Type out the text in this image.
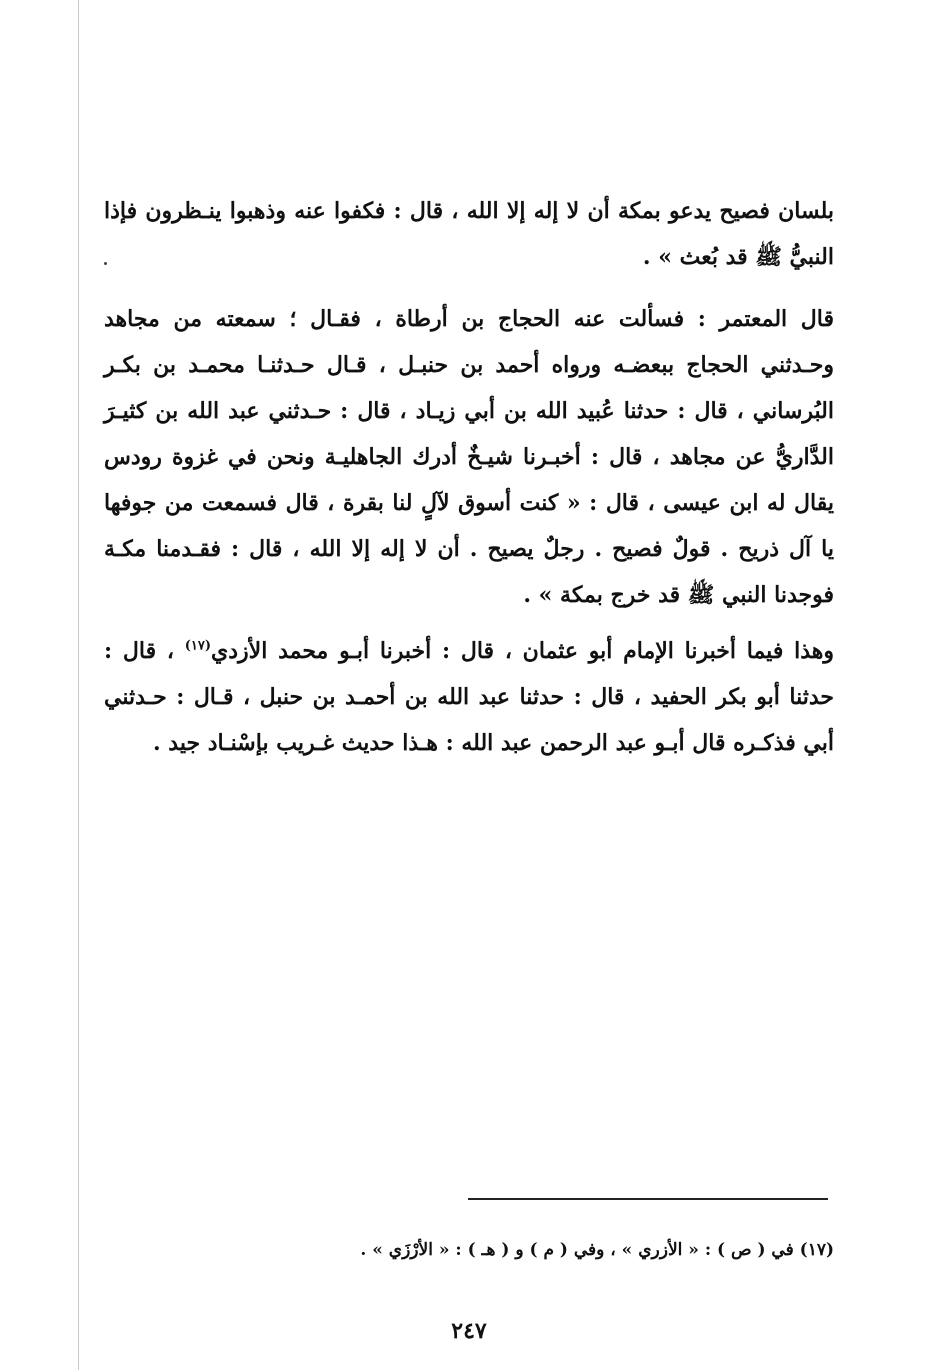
بلسان فصيح يدعو بمكة أن لا إله إلا الله ، قال : فكفوا عنه وذهبوا ينـظرون فإذا النبيُّ ﷺ قد بُعث » .

قال المعتمر : فسألت عنه الحجاج بن أرطاة ، فقـال ؛ سمعته من مجاهد وحـدثني الحجاج ببعضـه ورواه أحمد بن حنبـل ، قـال حـدثنـا محمـد بن بكـر البُرساني ، قال : حدثنا عُبيد الله بن أبي زيـاد ، قال : حـدثني عبد الله بن كثيـرَ الدَّاريُّ عن مجاهد ، قال : أخبـرنا شيـخٌ أدرك الجاهليـة ونحن في غزوة رودس يقال له ابن عيسى ، قال : « كنت أسوق لآلٍ لنا بقرة ، قال فسمعت من جوفها يا آل ذريح . قولٌ فصيح . رجلٌ يصيح . أن لا إله إلا الله ، قال : فقـدمنا مكـة فوجدنا النبي ﷺ قد خرج بمكة » .

وهذا فيما أخبرنا الإمام أبو عثمان ، قال : أخبرنا أبـو محمد الأزدي$^{(١٧)}$ ، قال : حدثنا أبو بكر الحفيد ، قال : حدثنا عبد الله بن أحمـد بن حنبل ، قـال : حـدثني أبي فذكـره قال أبـو عبد الرحمن عبد الله : هـذا حديث غـريب بإسْنـاد جيد .

(١٧) في ( ص ) : « الأزري » ، وفي ( م ) و ( هـ ) : « الأرْزَي » .
٢٤٧
